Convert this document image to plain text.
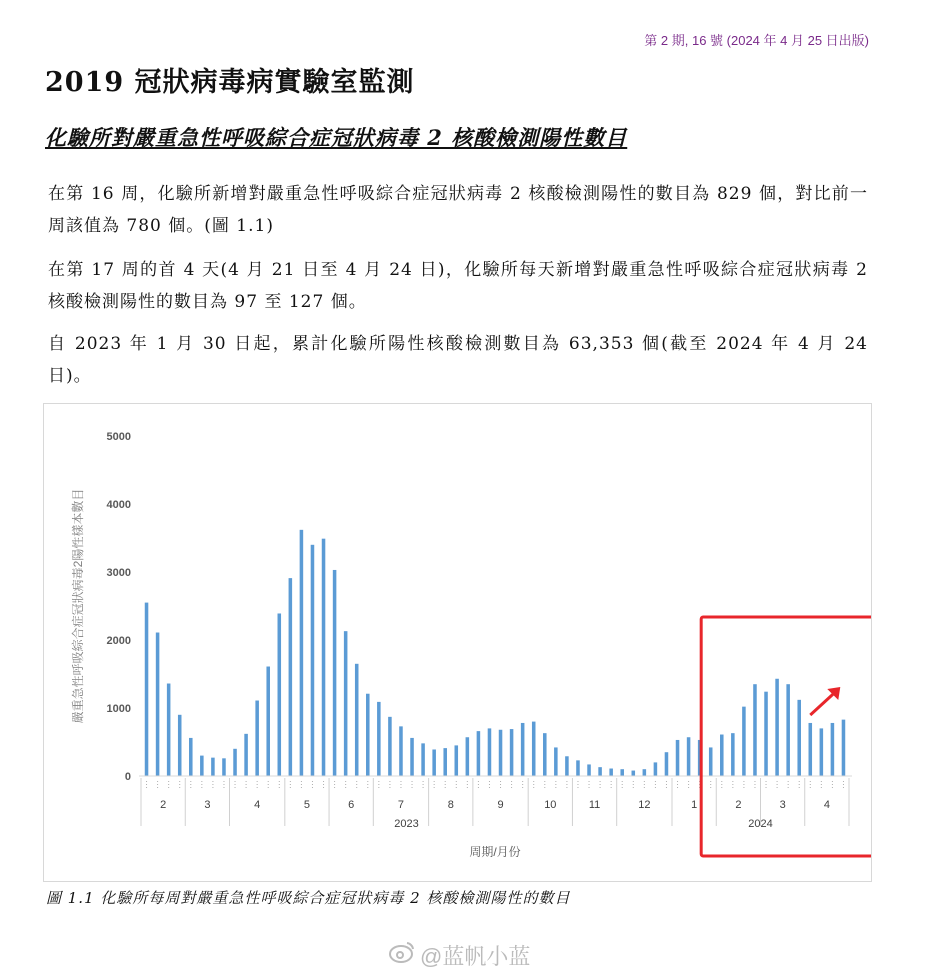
第 2 期, 16 號 (2024 年 4 月 25 日出版)
2019 冠狀病毒病實驗室監測
化驗所對嚴重急性呼吸綜合症冠狀病毒 2 核酸檢測陽性數目
在第 16 周，化驗所新增對嚴重急性呼吸綜合症冠狀病毒 2 核酸檢測陽性的數目為 829 個，對比前一周該值為 780 個。(圖 1.1)
在第 17 周的首 4 天(4 月 21 日至 4 月 24 日)，化驗所每天新增對嚴重急性呼吸綜合症冠狀病毒 2 核酸檢測陽性的數目為 97 至 127 個。
自 2023 年 1 月 30 日起，累計化驗所陽性核酸檢測數目為 63,353 個(截至 2024 年 4 月 24 日)。
0
1000
2000
3000
4000
5000
嚴重急性呼吸綜合症冠狀病毒2陽性樣本數目
2	3	4	5	6	7	8	9	10	11	12	1	2	3	4
2023	2024
周期/月份
圖 1.1 化驗所每周對嚴重急性呼吸綜合症冠狀病毒 2 核酸檢測陽性的數目
@蓝帆小蓝
